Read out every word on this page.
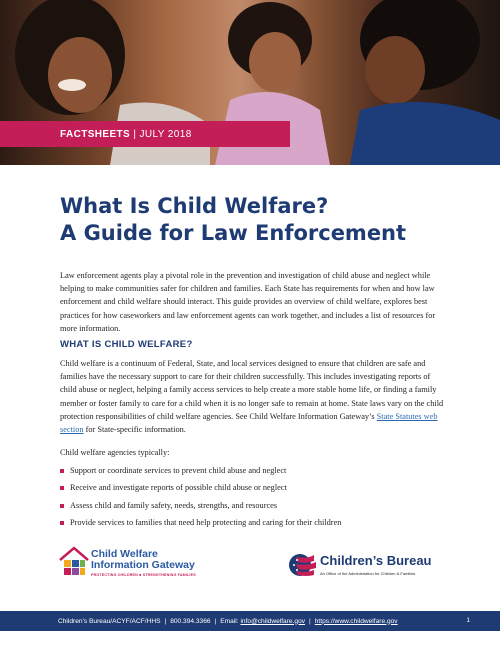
FACTSHEETS | JULY 2018
What Is Child Welfare?
A Guide for Law Enforcement

Law enforcement agents play a pivotal role in the prevention and investigation of child abuse and neglect while helping to make communities safer for children and families. Each State has requirements for when and how law enforcement and child welfare should interact. This guide provides an overview of child welfare, explores best practices for how caseworkers and law enforcement agents can work together, and includes a list of resources for more information.

WHAT IS CHILD WELFARE?

Child welfare is a continuum of Federal, State, and local services designed to ensure that children are safe and families have the necessary support to care for their children successfully. This includes investigating reports of child abuse or neglect, helping a family access services to help create a more stable home life, or finding a family member or foster family to care for a child when it is no longer safe to remain at home. State laws vary on the child protection responsibilities of child welfare agencies. See Child Welfare Information Gateway’s State Statutes web section for State-specific information.

Child welfare agencies typically:

Support or coordinate services to prevent child abuse and neglect
Receive and investigate reports of possible child abuse or neglect
Assess child and family safety, needs, strengths, and resources
Provide services to families that need help protecting and caring for their children
Child Welfare
Information Gateway
PROTECTING CHILDREN ■ STRENGTHENING FAMILIES
Children’s Bureau
An Office of the Administration for Children & Families
Children’s Bureau/ACYF/ACF/HHS | 800.394.3366 | Email:
info@childwelfare.gov | https://www.childwelfare.gov	1
